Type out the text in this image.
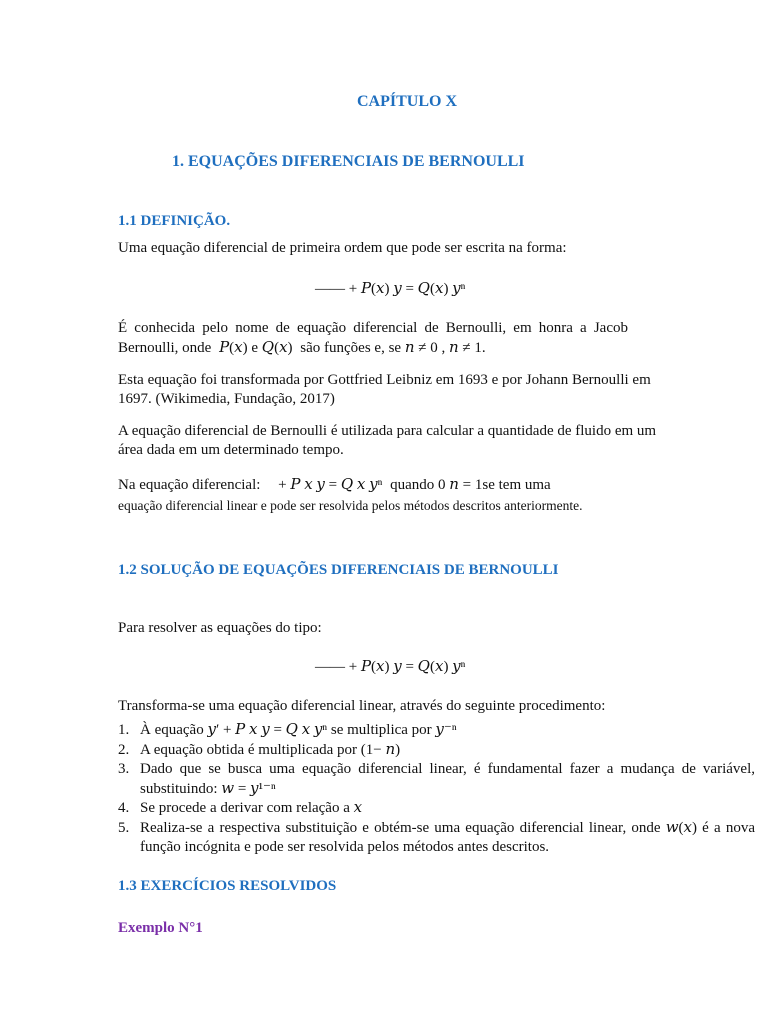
CAPÍTULO X
1. EQUAÇÕES DIFERENCIAIS DE BERNOULLI
1.1 DEFINIÇÃO.
Uma equação diferencial de primeira ordem que pode ser escrita na forma:
—— + 𝑃(𝑥) 𝑦 = 𝑄(𝑥) 𝑦ⁿ
É conhecida pelo nome de equação diferencial de Bernoulli, em honra a Jacob
Bernoulli, onde 𝑃(𝑥) e 𝑄(𝑥) são funções e, se 𝑛 ≠ 0 , 𝑛 ≠ 1.
Esta equação foi transformada por Gottfried Leibniz em 1693 e por Johann Bernoulli em
1697. (Wikimedia, Fundação, 2017)
A equação diferencial de Bernoulli é utilizada para calcular a quantidade de fluido em um
área dada em um determinado tempo.
Na equação diferencial: + 𝑃 𝑥 𝑦 = 𝑄 𝑥 𝑦ⁿ quando 0 𝑛 = 1se tem uma
equação diferencial linear e pode ser resolvida pelos métodos descritos anteriormente.
1.2 SOLUÇÃO DE EQUAÇÕES DIFERENCIAIS DE BERNOULLI
Para resolver as equações do tipo:
—— + 𝑃(𝑥) 𝑦 = 𝑄(𝑥) 𝑦ⁿ
Transforma-se uma equação diferencial linear, através do seguinte procedimento:
1. À equação 𝑦′ + 𝑃 𝑥 𝑦 = 𝑄 𝑥 𝑦ⁿ se multiplica por 𝑦⁻ⁿ
2. A equação obtida é multiplicada por (1− 𝑛)
3. Dado que se busca uma equação diferencial linear, é fundamental fazer a mudança de variável, substituindo: 𝑤 = 𝑦¹⁻ⁿ
4. Se procede a derivar com relação a 𝑥
5. Realiza-se a respectiva substituição e obtém-se uma equação diferencial linear, onde 𝑤(𝑥) é a nova função incógnita e pode ser resolvida pelos métodos antes descritos.
1.3 EXERCÍCIOS RESOLVIDOS
Exemplo N°1
